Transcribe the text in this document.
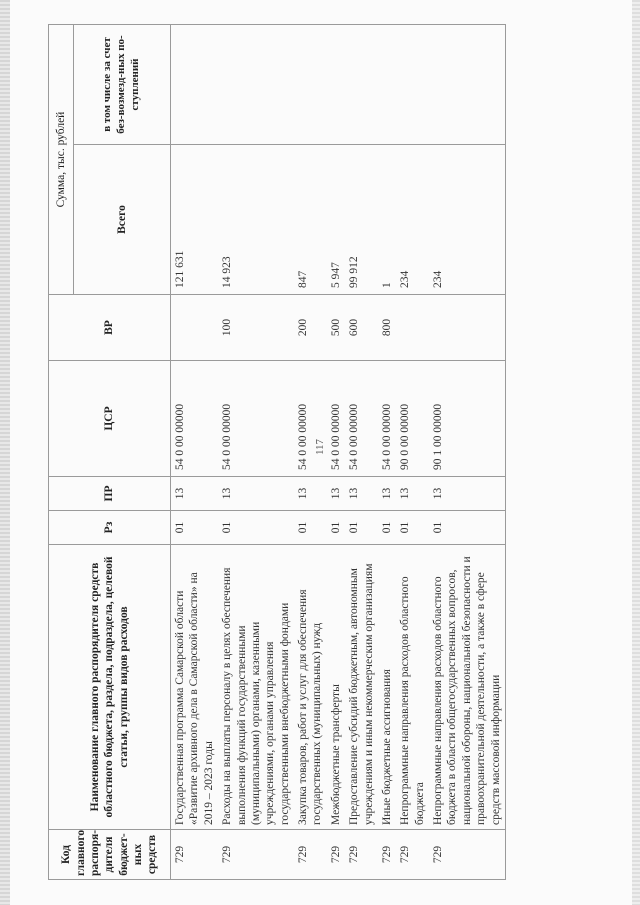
117
Код главного распоря-дителя бюджет-ных средств	Наименование главного распорядителя средств областного бюджета, раздела, подраздела, целевой статьи, группы видов расходов	Рз	ПР	ЦСР	ВР	Сумма, тыс. рублей	
						Всего	в том числе за счет без-возмезд-ных по-ступлений
729	Государственная программа Самарской области «Развитие архивного дела в Самарской области» на 2019 – 2023 годы	01	13	54 0 00 00000		121 631	
729	Расходы на выплаты персоналу в целях обеспечения выполнения функций государственными (муниципальными) органами, казенными учреждениями, органами управления государственными внебюджетными фондами	01	13	54 0 00 00000	100	14 923	
729	Закупка товаров, работ и услуг для обеспечения государственных (муниципальных) нужд	01	13	54 0 00 00000	200	847	
729	Межбюджетные трансферты	01	13	54 0 00 00000	500	5 947	
729	Предоставление субсидий бюджетным, автономным учреждениям и иным некоммерческим организациям	01	13	54 0 00 00000	600	99 912	
729	Иные бюджетные ассигнования	01	13	54 0 00 00000	800	1	
729	Непрограммные направления расходов областного бюджета	01	13	90 0 00 00000		234	
729	Непрограммные направления расходов областного бюджета в области общегосударственных вопросов, национальной обороны, национальной безопасности и правоохранительной деятельности, а также в сфере средств массовой информации	01	13	90 1 00 00000		234	
